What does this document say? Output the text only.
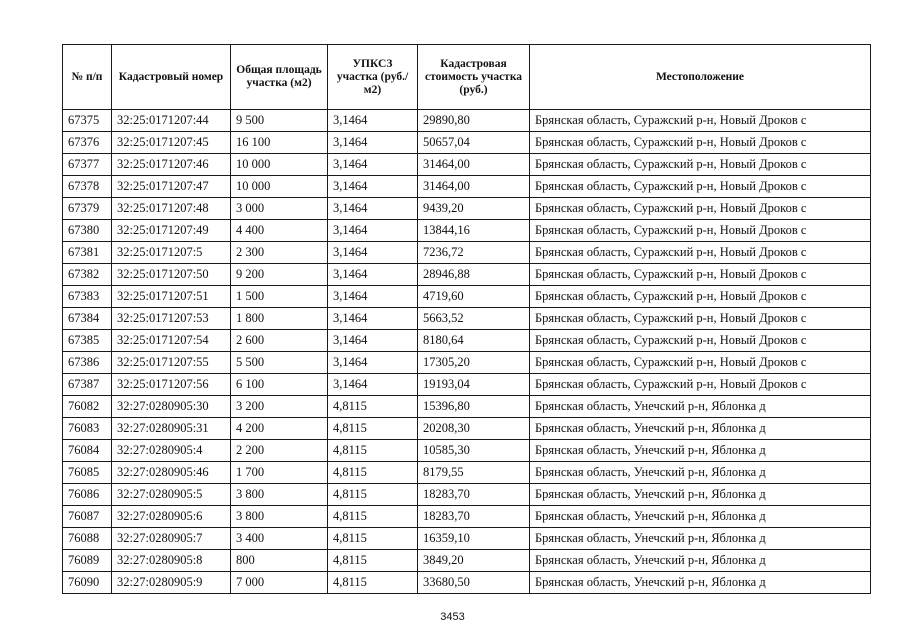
№ п/п	Кадастровый номер	Общая площадь участка (м2)	УПКСЗ участка (руб./м2)	Кадастровая стоимость участка (руб.)	Местоположение
67375	32:25:0171207:44	9 500	3,1464	29890,80	Брянская область, Суражский р-н, Новый Дроков с
67376	32:25:0171207:45	16 100	3,1464	50657,04	Брянская область, Суражский р-н, Новый Дроков с
67377	32:25:0171207:46	10 000	3,1464	31464,00	Брянская область, Суражский р-н, Новый Дроков с
67378	32:25:0171207:47	10 000	3,1464	31464,00	Брянская область, Суражский р-н, Новый Дроков с
67379	32:25:0171207:48	3 000	3,1464	9439,20	Брянская область, Суражский р-н, Новый Дроков с
67380	32:25:0171207:49	4 400	3,1464	13844,16	Брянская область, Суражский р-н, Новый Дроков с
67381	32:25:0171207:5	2 300	3,1464	7236,72	Брянская область, Суражский р-н, Новый Дроков с
67382	32:25:0171207:50	9 200	3,1464	28946,88	Брянская область, Суражский р-н, Новый Дроков с
67383	32:25:0171207:51	1 500	3,1464	4719,60	Брянская область, Суражский р-н, Новый Дроков с
67384	32:25:0171207:53	1 800	3,1464	5663,52	Брянская область, Суражский р-н, Новый Дроков с
67385	32:25:0171207:54	2 600	3,1464	8180,64	Брянская область, Суражский р-н, Новый Дроков с
67386	32:25:0171207:55	5 500	3,1464	17305,20	Брянская область, Суражский р-н, Новый Дроков с
67387	32:25:0171207:56	6 100	3,1464	19193,04	Брянская область, Суражский р-н, Новый Дроков с
76082	32:27:0280905:30	3 200	4,8115	15396,80	Брянская область, Унечский р-н, Яблонка д
76083	32:27:0280905:31	4 200	4,8115	20208,30	Брянская область, Унечский р-н, Яблонка д
76084	32:27:0280905:4	2 200	4,8115	10585,30	Брянская область, Унечский р-н, Яблонка д
76085	32:27:0280905:46	1 700	4,8115	8179,55	Брянская область, Унечский р-н, Яблонка д
76086	32:27:0280905:5	3 800	4,8115	18283,70	Брянская область, Унечский р-н, Яблонка д
76087	32:27:0280905:6	3 800	4,8115	18283,70	Брянская область, Унечский р-н, Яблонка д
76088	32:27:0280905:7	3 400	4,8115	16359,10	Брянская область, Унечский р-н, Яблонка д
76089	32:27:0280905:8	800	4,8115	3849,20	Брянская область, Унечский р-н, Яблонка д
76090	32:27:0280905:9	7 000	4,8115	33680,50	Брянская область, Унечский р-н, Яблонка д
3453
